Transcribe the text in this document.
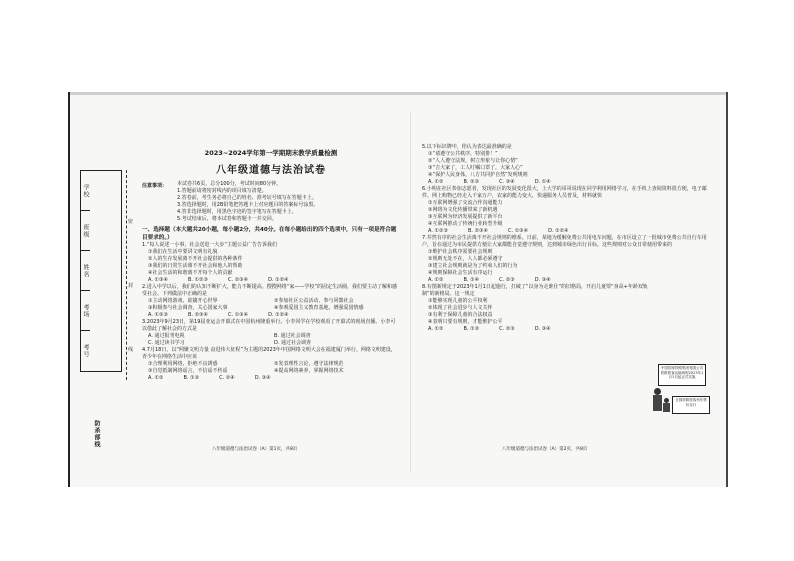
学校
班级
姓名
考场
考号
密
封
线
防杀部线
2023~2024学年第一学期期末教学质量检测
八年级道德与法治试卷
注意事项： 本试卷共6页，总分100分，考试时间80分钟。
1.答题前请将密封线内的项目填写清楚。
2.答卷前，考生务必将自己的姓名、准考证号填写在答题卡上。
3.答选择题时，用2B铅笔把答题卡上对应题目的答案标号涂黑。
4.答非选择题时，用黑色字迹的签字笔写在答题卡上。
5.考试结束后，将本试卷和答题卡一并交回。
一、选择题（本大题共20小题，每小题2分，共40分。在每小题给出的四个选项中，只有一项是符合题目要求的。）
1.“每人说述一小事，社会送进一大步”主题公益广告告诉我们
①我们在生活中要讲文明有礼貌
②人的生存发展离不开社会提供的各种条件
③我们的日常生活离不开社会和他人的帮助
④社会生活的和谐离不开每个人的贡献
A. ①③④	B. ①②③	C. ②③④	D. ①②④
2.进入中学以后，我们的认知不断扩大，能力不断提高。搜搜网络“家——学校”的固定生活圈，我们要主动了解和感受社会。下列做法中正确的是
①主动网络游戏、欲擒开心世界	②参加社区公益活动，参与回馈社会
③积极参与社会调查，关心国家大事	④参观爱国主义教育基地，增强爱国情感
A. ①②③	B. ②③④	C. ①③④	D. ①②④
3.2023年9月23日，第19届亚运会开幕式在中国杭州隆重举行。小李同学在学校观看了开幕式的现场直播。小李可以借此了解社会的方式是
A. 通过报刊电视	B. 通过社会调查
C. 通过读书学习	D. 通过社会调查
4.7月18日，以“网聚文明力量 奋进伟大征程”为主题的2023年中国网络文明大会在福建厦门举行。网络文明建设，青少年在网络生活中应该
①合理利用网络，拒绝不良诱惑	②发表理性言论，遵守法律规范
③自觉抵制网络谣言，不信谣不传谣	④提高网络素养，掌握网络技术
A. ①②	B. ①③	C. ②④	D. ③④
八年级道德与法治试卷（A）第1页，共8页
5.以下标识牌中，你认为表达最准确的是
①“请遵守公共秩序，特别排！”
②“人人遵守法规，树立形象与让你心情”
③“吉大家了，工人叮嘱口罩了，大家人心”
④“保护人民身体，八方共同护自然”发明规则
A. ①②	B. ②③	C. ③④	D. ①④
6.小明在社区参加志愿者，发现社区的发展变化很大，上大学的哥哥说现在同学利用网络学习，在手机上查阅资料很方便，电子邮件、网上购物已经走入千家万户，农家的能力变大，快递服务人员普及，材料就快
①互联网增强了交流合作沟通能力
②网络为文化传播带来了新机遇
③互联网为经济发展提供了新平台
④互联网推动了传统行业转型升级
A. ①②③	B. ②③④	C. ①③④	D. ①②④
7.井然有序的社会生活离不开社会规则的维系。日前，某地为缓解免费公共用电车问题，在市区设立了一批城市免费公共自行车用户，旨在通过为市民提供方便让大家都能自觉遵守规则，达到城市绿色出行目标。这些规则对公众日常使用带来的
①维护社会秩序需要社会规则
②规则无处不在，人人都必须遵守
③建立社会规则就是为了约束人们的行为
④规则保障社会生活有序运行
A. ①②	B. ①④	C. ②③	D. ③④
8.有图新规定于2023年1月1日起施行，打破了“以身为走谁仕”的旧格局，开启儿童票“身高+年龄双轨制”的新格局。这一规定
①能够实现儿童的公平权利
②体现了社会进步与人文关怀
③有利于保障儿童的合法权益
④表明只要有规则，才能维护公平
A. ①②	B. ①③	C. ②③	D. ③④
中国国家铁路集团有限公司铁路旅客运输规程2023年1月1日起正式实施
全国铁路旅客列车票价实行
八年级道德与法治试卷（A）第2页，共8页
